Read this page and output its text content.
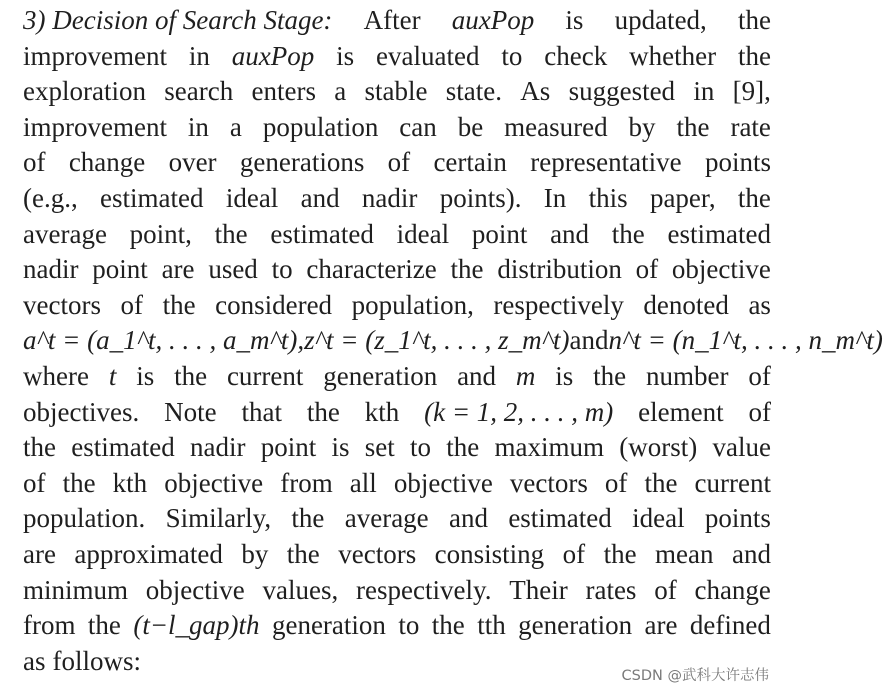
3) Decision of Search Stage: After auxPop is updated, the
improvement in auxPop is evaluated to check whether the
exploration search enters a stable state. As suggested in [9],
improvement in a population can be measured by the rate
of change over generations of certain representative points
(e.g., estimated ideal and nadir points). In this paper, the
average point, the estimated ideal point and the estimated
nadir point are used to characterize the distribution of objective
vectors of the considered population, respectively denoted as
a^t = (a_1^t, . . . , a_m^t), z^t = (z_1^t, . . . , z_m^t) and n^t = (n_1^t, . . . , n_m^t)
where t is the current generation and m is the number of
objectives. Note that the kth (k = 1, 2, . . . , m) element of
the estimated nadir point is set to the maximum (worst) value
of the kth objective from all objective vectors of the current
population. Similarly, the average and estimated ideal points
are approximated by the vectors consisting of the mean and
minimum objective values, respectively. Their rates of change
from the (t−l_gap)th generation to the tth generation are defined
as follows:
CSDN @武科大许志伟
